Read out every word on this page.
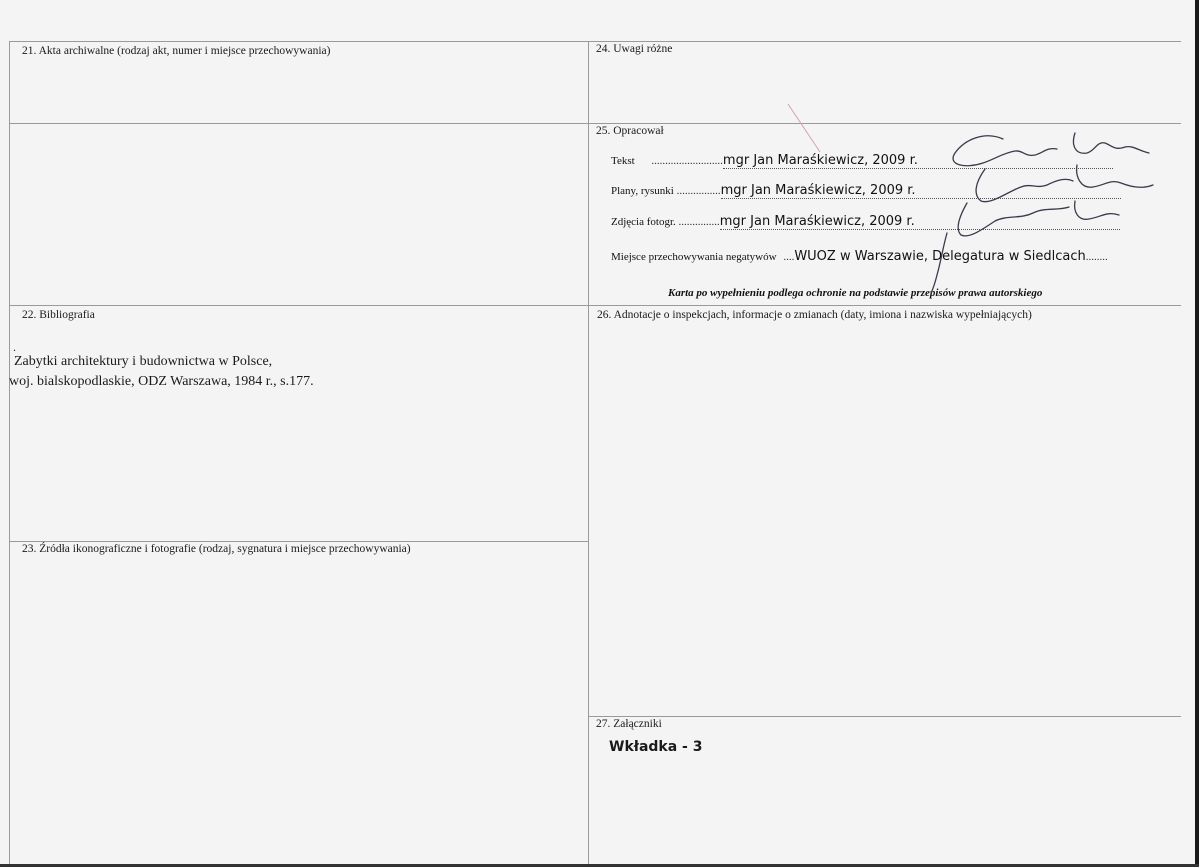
21. Akta archiwalne (rodzaj akt, numer i miejsce przechowywania)	24. Uwagi różne
25. Opracował
22. Bibliografia	26. Adnotacje o inspekcjach, informacje o zmianach (daty, imiona i nazwiska wypełniających)
23. Źródła ikonograficzne i fotografie (rodzaj, sygnatura i miejsce przechowywania)
27. Załączniki
Tekst ..........................mgr Jan Maraśkiewicz, 2009 r.
Plany, rysunki ................mgr Jan Maraśkiewicz, 2009 r.
Zdjęcia fotogr. ...............mgr Jan Maraśkiewicz, 2009 r.
Miejsce przechowywania negatywów ....WUOZ w Warszawie, Delegatura w Siedlcach........
Karta po wypełnieniu podlega ochronie na podstawie przepisów prawa autorskiego
.
Zabytki architektury i budownictwa w Polsce,
woj. bialskopodlaskie, ODZ Warszawa, 1984 r., s.177.
Wkładka - 3
